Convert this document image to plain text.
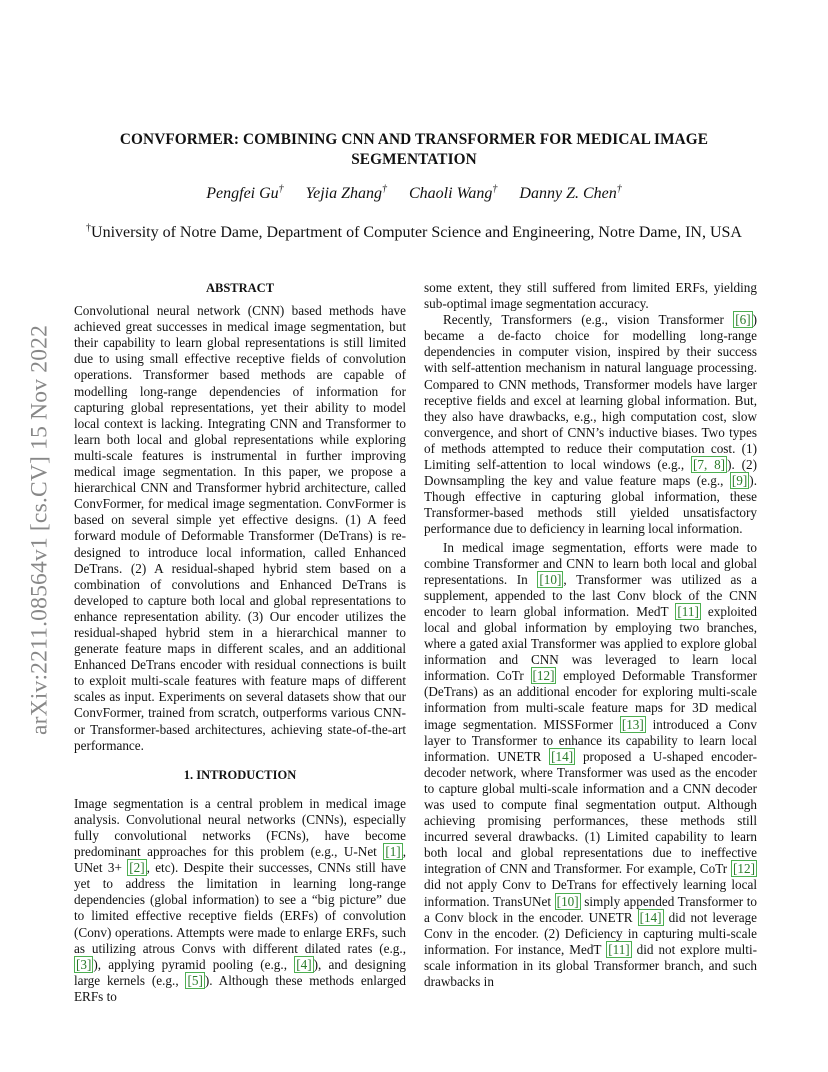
arXiv:2211.08564v1 [cs.CV] 15 Nov 2022
CONVFORMER: COMBINING CNN AND TRANSFORMER FOR MEDICAL IMAGE SEGMENTATION
Pengfei Gu† Yejia Zhang† Chaoli Wang† Danny Z. Chen†
†University of Notre Dame, Department of Computer Science and Engineering, Notre Dame, IN, USA

ABSTRACT

Convolutional neural network (CNN) based methods have achieved great successes in medical image segmentation, but their capability to learn global representations is still limited due to using small effective receptive fields of convolution operations. Transformer based methods are capable of modelling long-range dependencies of information for capturing global representations, yet their ability to model local context is lacking. Integrating CNN and Transformer to learn both local and global representations while exploring multi-scale features is instrumental in further improving medical image segmentation. In this paper, we propose a hierarchical CNN and Transformer hybrid architecture, called ConvFormer, for medical image segmentation. ConvFormer is based on several simple yet effective designs. (1) A feed forward module of Deformable Transformer (DeTrans) is re-designed to introduce local information, called Enhanced DeTrans. (2) A residual-shaped hybrid stem based on a combination of convolutions and Enhanced DeTrans is developed to capture both local and global representations to enhance representation ability. (3) Our encoder utilizes the residual-shaped hybrid stem in a hierarchical manner to generate feature maps in different scales, and an additional Enhanced DeTrans encoder with residual connections is built to exploit multi-scale features with feature maps of different scales as input. Experiments on several datasets show that our ConvFormer, trained from scratch, outperforms various CNN- or Transformer-based architectures, achieving state-of-the-art performance.

1. INTRODUCTION

Image segmentation is a central problem in medical image analysis. Convolutional neural networks (CNNs), especially fully convolutional networks (FCNs), have become predominant approaches for this problem (e.g., U-Net [1] , UNet 3+ [2] , etc). Despite their successes, CNNs still have yet to address the limitation in learning long-range dependencies (global information) to see a “big picture” due to limited effective receptive fields (ERFs) of convolution (Conv) operations. Attempts were made to enlarge ERFs, such as utilizing atrous Convs with different dilated rates (e.g., [3] ), applying pyramid pooling (e.g., [4] ), and designing large kernels (e.g., [5] ). Although these methods enlarged ERFs to

some extent, they still suffered from limited ERFs, yielding sub-optimal image segmentation accuracy.

Recently, Transformers (e.g., vision Transformer [6] ) became a de-facto choice for modelling long-range dependencies in computer vision, inspired by their success with self-attention mechanism in natural language processing. Compared to CNN methods, Transformer models have larger receptive fields and excel at learning global information. But, they also have drawbacks, e.g., high computation cost, slow convergence, and short of CNN’s inductive biases. Two types of methods attempted to reduce their computation cost. (1) Limiting self-attention to local windows (e.g., [7, 8] ). (2) Downsampling the key and value feature maps (e.g., [9] ). Though effective in capturing global information, these Transformer-based methods still yielded unsatisfactory performance due to deficiency in learning local information.

In medical image segmentation, efforts were made to combine Transformer and CNN to learn both local and global representations. In [10] , Transformer was utilized as a supplement, appended to the last Conv block of the CNN encoder to learn global information. MedT [11] exploited local and global information by employing two branches, where a gated axial Transformer was applied to explore global information and CNN was leveraged to learn local information. CoTr [12] employed Deformable Transformer (DeTrans) as an additional encoder for exploring multi-scale information from multi-scale feature maps for 3D medical image segmentation. MISSFormer [13] introduced a Conv layer to Transformer to enhance its capability to learn local information. UNETR [14] proposed a U-shaped encoder-decoder network, where Transformer was used as the encoder to capture global multi-scale information and a CNN decoder was used to compute final segmentation output. Although achieving promising performances, these methods still incurred several drawbacks. (1) Limited capability to learn both local and global representations due to ineffective integration of CNN and Transformer. For example, CoTr [12] did not apply Conv to DeTrans for effectively learning local information. TransUNet [10] simply appended Transformer to a Conv block in the encoder. UNETR [14] did not leverage Conv in the encoder. (2) Deficiency in capturing multi-scale information. For instance, MedT [11] did not explore multi-scale information in its global Transformer branch, and such drawbacks in
